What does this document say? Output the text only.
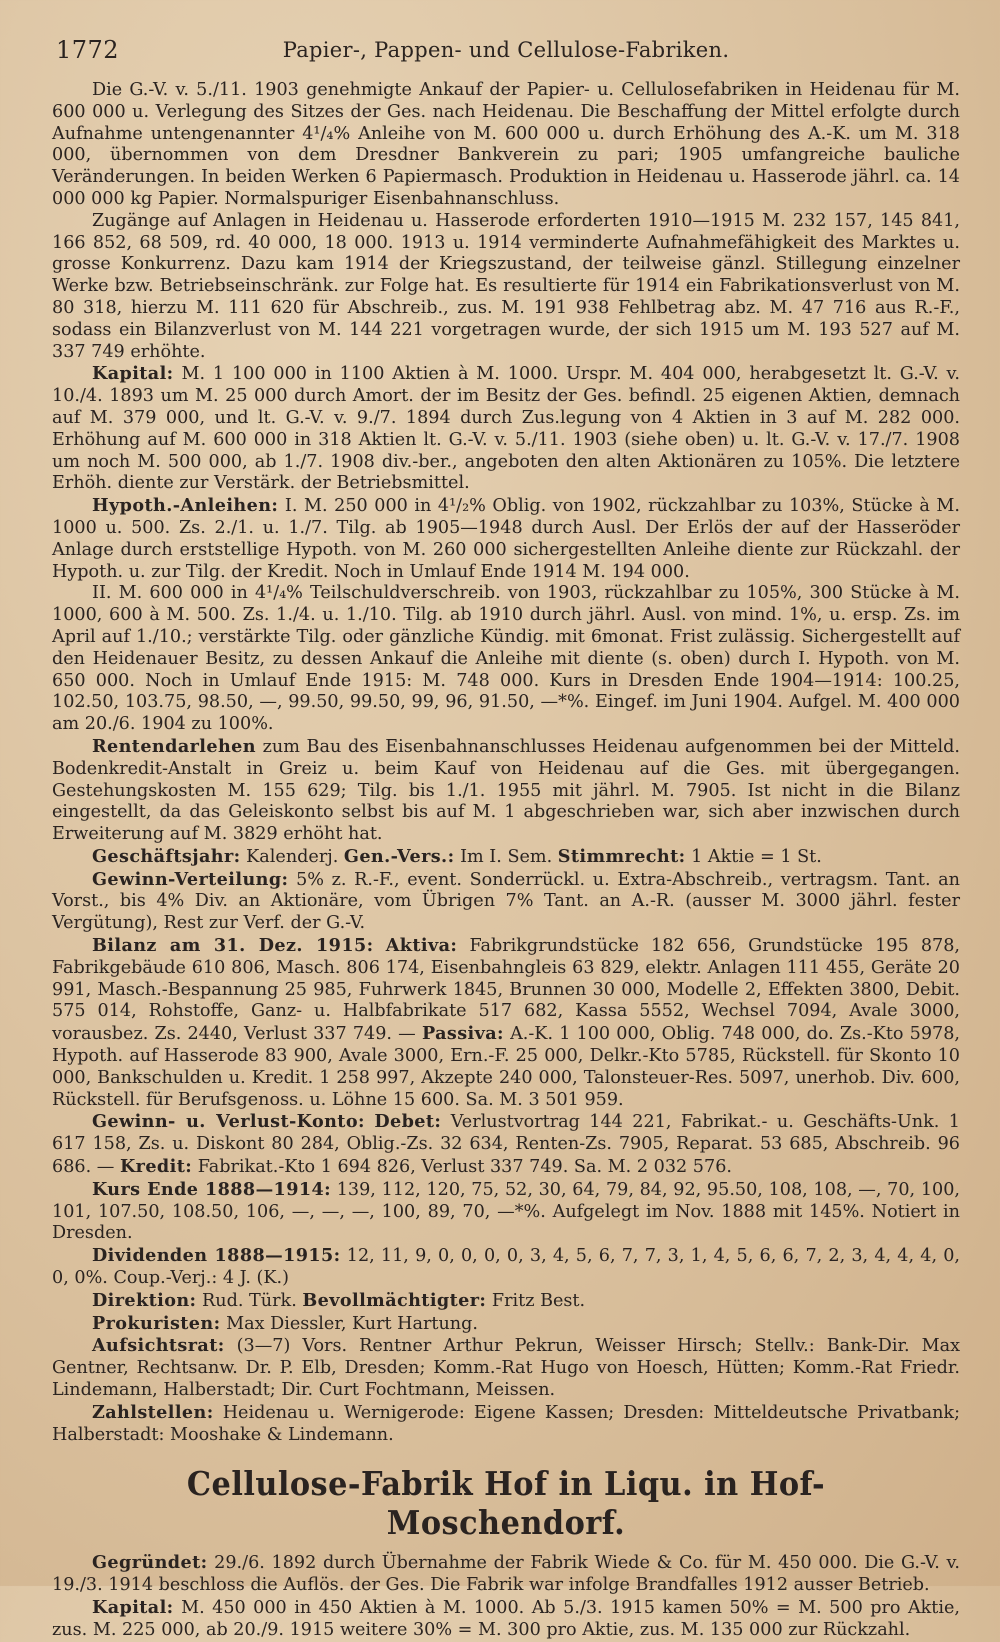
1772	Papier-, Pappen- und Cellulose-Fabriken.

Die G.-V. v. 5./11. 1903 genehmigte Ankauf der Papier- u. Cellulosefabriken in Heidenau für M. 600 000 u. Verlegung des Sitzes der Ges. nach Heidenau. Die Beschaffung der Mittel erfolgte durch Aufnahme untengenannter 4¹/₄% Anleihe von M. 600 000 u. durch Erhöhung des A.-K. um M. 318 000, übernommen von dem Dresdner Bankverein zu pari; 1905 umfangreiche bauliche Veränderungen. In beiden Werken 6 Papiermasch. Produktion in Heidenau u. Hasserode jährl. ca. 14 000 000 kg Papier. Normalspuriger Eisenbahnanschluss.

Zugänge auf Anlagen in Heidenau u. Hasserode erforderten 1910—1915 M. 232 157, 145 841, 166 852, 68 509, rd. 40 000, 18 000. 1913 u. 1914 verminderte Aufnahmefähigkeit des Marktes u. grosse Konkurrenz. Dazu kam 1914 der Kriegszustand, der teilweise gänzl. Stillegung einzelner Werke bzw. Betriebseinschränk. zur Folge hat. Es resultierte für 1914 ein Fabrikationsverlust von M. 80 318, hierzu M. 111 620 für Abschreib., zus. M. 191 938 Fehlbetrag abz. M. 47 716 aus R.-F., sodass ein Bilanzverlust von M. 144 221 vorgetragen wurde, der sich 1915 um M. 193 527 auf M. 337 749 erhöhte.

Kapital: M. 1 100 000 in 1100 Aktien à M. 1000. Urspr. M. 404 000, herabgesetzt lt. G.-V. v. 10./4. 1893 um M. 25 000 durch Amort. der im Besitz der Ges. befindl. 25 eigenen Aktien, demnach auf M. 379 000, und lt. G.-V. v. 9./7. 1894 durch Zus.legung von 4 Aktien in 3 auf M. 282 000. Erhöhung auf M. 600 000 in 318 Aktien lt. G.-V. v. 5./11. 1903 (siehe oben) u. lt. G.-V. v. 17./7. 1908 um noch M. 500 000, ab 1./7. 1908 div.-ber., angeboten den alten Aktionären zu 105%. Die letztere Erhöh. diente zur Verstärk. der Betriebsmittel.

Hypoth.-Anleihen: I. M. 250 000 in 4¹/₂% Oblig. von 1902, rückzahlbar zu 103%, Stücke à M. 1000 u. 500. Zs. 2./1. u. 1./7. Tilg. ab 1905—1948 durch Ausl. Der Erlös der auf der Hasseröder Anlage durch erststellige Hypoth. von M. 260 000 sichergestellten Anleihe diente zur Rückzahl. der Hypoth. u. zur Tilg. der Kredit. Noch in Umlauf Ende 1914 M. 194 000.

II. M. 600 000 in 4¹/₄% Teilschuldverschreib. von 1903, rückzahlbar zu 105%, 300 Stücke à M. 1000, 600 à M. 500. Zs. 1./4. u. 1./10. Tilg. ab 1910 durch jährl. Ausl. von mind. 1%, u. ersp. Zs. im April auf 1./10.; verstärkte Tilg. oder gänzliche Kündig. mit 6monat. Frist zulässig. Sichergestellt auf den Heidenauer Besitz, zu dessen Ankauf die Anleihe mit diente (s. oben) durch I. Hypoth. von M. 650 000. Noch in Umlauf Ende 1915: M. 748 000. Kurs in Dresden Ende 1904—1914: 100.25, 102.50, 103.75, 98.50, —, 99.50, 99.50, 99, 96, 91.50, —*%. Eingef. im Juni 1904. Aufgel. M. 400 000 am 20./6. 1904 zu 100%.

Rentendarlehen zum Bau des Eisenbahnanschlusses Heidenau aufgenommen bei der Mitteld. Bodenkredit-Anstalt in Greiz u. beim Kauf von Heidenau auf die Ges. mit übergegangen. Gestehungskosten M. 155 629; Tilg. bis 1./1. 1955 mit jährl. M. 7905. Ist nicht in die Bilanz eingestellt, da das Geleiskonto selbst bis auf M. 1 abgeschrieben war, sich aber inzwischen durch Erweiterung auf M. 3829 erhöht hat.

Geschäftsjahr: Kalenderj. Gen.-Vers.: Im I. Sem. Stimmrecht: 1 Aktie = 1 St.

Gewinn-Verteilung: 5% z. R.-F., event. Sonderrückl. u. Extra-Abschreib., vertragsm. Tant. an Vorst., bis 4% Div. an Aktionäre, vom Übrigen 7% Tant. an A.-R. (ausser M. 3000 jährl. fester Vergütung), Rest zur Verf. der G.-V.

Bilanz am 31. Dez. 1915: Aktiva: Fabrikgrundstücke 182 656, Grundstücke 195 878, Fabrikgebäude 610 806, Masch. 806 174, Eisenbahngleis 63 829, elektr. Anlagen 111 455, Geräte 20 991, Masch.-Bespannung 25 985, Fuhrwerk 1845, Brunnen 30 000, Modelle 2, Effekten 3800, Debit. 575 014, Rohstoffe, Ganz- u. Halbfabrikate 517 682, Kassa 5552, Wechsel 7094, Avale 3000, vorausbez. Zs. 2440, Verlust 337 749. — Passiva: A.-K. 1 100 000, Oblig. 748 000, do. Zs.-Kto 5978, Hypoth. auf Hasserode 83 900, Avale 3000, Ern.-F. 25 000, Delkr.-Kto 5785, Rückstell. für Skonto 10 000, Bankschulden u. Kredit. 1 258 997, Akzepte 240 000, Talonsteuer-Res. 5097, unerhob. Div. 600, Rückstell. für Berufsgenoss. u. Löhne 15 600. Sa. M. 3 501 959.

Gewinn- u. Verlust-Konto: Debet: Verlustvortrag 144 221, Fabrikat.- u. Geschäfts-Unk. 1 617 158, Zs. u. Diskont 80 284, Oblig.-Zs. 32 634, Renten-Zs. 7905, Reparat. 53 685, Abschreib. 96 686. — Kredit: Fabrikat.-Kto 1 694 826, Verlust 337 749. Sa. M. 2 032 576.

Kurs Ende 1888—1914: 139, 112, 120, 75, 52, 30, 64, 79, 84, 92, 95.50, 108, 108, —, 70, 100, 101, 107.50, 108.50, 106, —, —, —, 100, 89, 70, —*%. Aufgelegt im Nov. 1888 mit 145%. Notiert in Dresden.

Dividenden 1888—1915: 12, 11, 9, 0, 0, 0, 0, 3, 4, 5, 6, 7, 7, 3, 1, 4, 5, 6, 6, 7, 2, 3, 4, 4, 4, 0, 0, 0%. Coup.-Verj.: 4 J. (K.)

Direktion: Rud. Türk. Bevollmächtigter: Fritz Best.

Prokuristen: Max Diessler, Kurt Hartung.

Aufsichtsrat: (3—7) Vors. Rentner Arthur Pekrun, Weisser Hirsch; Stellv.: Bank-Dir. Max Gentner, Rechtsanw. Dr. P. Elb, Dresden; Komm.-Rat Hugo von Hoesch, Hütten; Komm.-Rat Friedr. Lindemann, Halberstadt; Dir. Curt Fochtmann, Meissen.

Zahlstellen: Heidenau u. Wernigerode: Eigene Kassen; Dresden: Mitteldeutsche Privatbank; Halberstadt: Mooshake & Lindemann.

Cellulose-Fabrik Hof in Liqu. in Hof-Moschendorf.

Gegründet: 29./6. 1892 durch Übernahme der Fabrik Wiede & Co. für M. 450 000. Die G.-V. v. 19./3. 1914 beschloss die Auflös. der Ges. Die Fabrik war infolge Brandfalles 1912 ausser Betrieb.

Kapital: M. 450 000 in 450 Aktien à M. 1000. Ab 5./3. 1915 kamen 50% = M. 500 pro Aktie, zus. M. 225 000, ab 20./9. 1915 weitere 30% = M. 300 pro Aktie, zus. M. 135 000 zur Rückzahl.
